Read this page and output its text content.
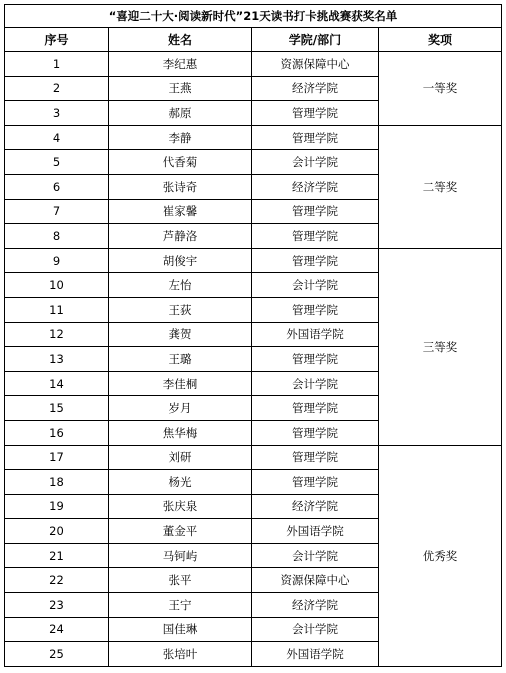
“喜迎二十大·阅读新时代”21天读书打卡挑战赛获奖名单			
序号	姓名	学院/部门	奖项
1	李纪惠	资源保障中心	一等奖
2	王燕	经济学院	
3	郝原	管理学院	
4	李静	管理学院	二等奖
5	代香菊	会计学院	
6	张诗奇	经济学院	
7	崔家馨	管理学院	
8	芦静洛	管理学院	
9	胡俊宇	管理学院	三等奖
10	左怡	会计学院	
11	王荻	管理学院	
12	龚贺	外国语学院	
13	王璐	管理学院	
14	李佳桐	会计学院	
15	岁月	管理学院	
16	焦华梅	管理学院	
17	刘研	管理学院	优秀奖
18	杨光	管理学院	
19	张庆泉	经济学院	
20	董金平	外国语学院	
21	马钶屿	会计学院	
22	张平	资源保障中心	
23	王宁	经济学院	
24	国佳琳	会计学院	
25	张培叶	外国语学院	
